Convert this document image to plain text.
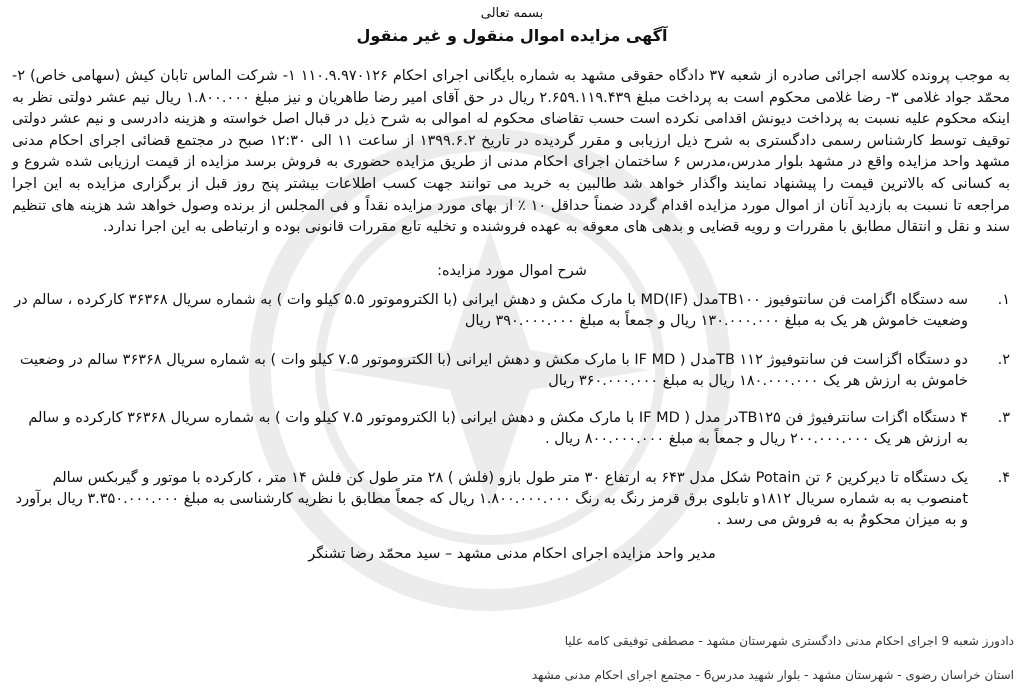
بسمه تعالی
آگهی مزایده اموال منقول و غیر منقول
به موجب پرونده کلاسه اجرائی صادره از شعبه ۳۷ دادگاه حقوقی مشهد به شماره بایگانی اجرای احکام ۱۱۰.۹.۹۷۰۱۲۶ ۱- شرکت الماس تابان کیش (سهامی خاص) ۲- محمّد جواد غلامی ۳- رضا غلامی محکوم است به پرداخت مبلغ ۲.۶۵۹.۱۱۹.۴۳۹ ریال در حق آقای امیر رضا طاهریان و نیز مبلغ ۱.۸۰۰.۰۰۰ ریال نیم عشر دولتی نظر به اینکه محکوم علیه نسبت به پرداخت دیونش اقدامی نکرده است حسب تقاضای محکوم له اموالی به شرح ذیل در قبال اصل خواسته و هزینه دادرسی و نیم عشر دولتی توقیف توسط کارشناس رسمی دادگستری به شرح ذیل ارزیابی و مقرر گردیده در تاریخ ۱۳۹۹.۶.۲ از ساعت ۱۱ الی ۱۲:۳۰ صبح در مجتمع قضائی اجرای احکام مدنی مشهد واحد مزایده واقع در مشهد بلوار مدرس،مدرس ۶ ساختمان اجرای احکام مدنی از طریق مزایده حضوری به فروش برسد مزایده از قیمت ارزیابی شده شروع و به کسانی که بالاترین قیمت را پیشنهاد نمایند واگذار خواهد شد طالبین به خرید می توانند جهت کسب اطلاعات بیشتر پنج روز قبل از برگزاری مزایده به این اجرا مراجعه تا نسبت به بازدید آنان از اموال مورد مزایده اقدام گردد ضمناً حداقل ۱۰ ٪ از بهای مورد مزایده نقداً و فی المجلس از برنده وصول خواهد شد هزینه های تنظیم سند و نقل و انتقال مطابق با مقررات و رویه قضایی و بدهی های معوقه به عهده فروشنده و تخلیه تابع مقررات قانونی بوده و ارتباطی به این اجرا ندارد.
شرح اموال مورد مزایده:
۱.
سه دستگاه اگزامت فن سانتوفیوز TB۱۰۰مدل MD(IF) با مارک مکش و دهش ایرانی (با الکتروموتور ۵.۵ کیلو وات ) به شماره سریال ۳۶۳۶۸ کارکرده ، سالم در وضعیت خاموش هر یک به مبلغ ۱۳۰.۰۰۰.۰۰۰ ریال و جمعاً به مبلغ ۳۹۰.۰۰۰.۰۰۰ ریال
۲.
دو دستگاه اگزاست فن سانتوفیوژ ۱۱۲ TBمدل ( IF MD با مارک مکش و دهش ایرانی (با الکتروموتور ۷.۵ کیلو وات ) به شماره سریال ۳۶۳۶۸ سالم در وضعیت خاموش به ارزش هر یک ۱۸۰.۰۰۰.۰۰۰ ریال به مبلغ ۳۶۰.۰۰۰.۰۰۰ ریال
۳.
۴ دستگاه اگزات سانترفیوژ فن TB۱۲۵در مدل ( IF MD با مارک مکش و دهش ایرانی (با الکتروموتور ۷.۵ کیلو وات ) به شماره سریال ۳۶۳۶۸ کارکرده و سالم به ارزش هر یک ۲۰۰.۰۰۰.۰۰۰ ریال و جمعاً به مبلغ ۸۰۰.۰۰۰.۰۰۰ ریال .
۴.
یک دستگاه تا دیرکرین ۶ تن Potain شکل مدل ۶۴۳ به ارتفاع ۳۰ متر طول بازو (فلش ) ۲۸ متر طول کن فلش ۱۴ متر ، کارکرده با موتور و گیربکس سالم tمنصوب به به شماره سریال ۱۸۱۲و تابلوی برق قرمز رنگ به رنگ ۱.۸۰۰.۰۰۰.۰۰۰ ریال که جمعاً مطابق با نظریه کارشناسی به مبلغ ۳.۳۵۰.۰۰۰.۰۰۰ ریال برآورد و به میزان محکومٌ به به فروش می رسد .
مدیر واحد مزایده اجرای احکام مدنی مشهد – سید محمّد رضا تشنگر
دادورز شعبه 9 اجرای احکام مدنی دادگستری شهرستان مشهد - مصطفی توفیقی کامه علیا
استان خراسان رضوی - شهرستان مشهد - بلوار شهید مدرس6 - مجتمع اجرای احکام مدنی مشهد
